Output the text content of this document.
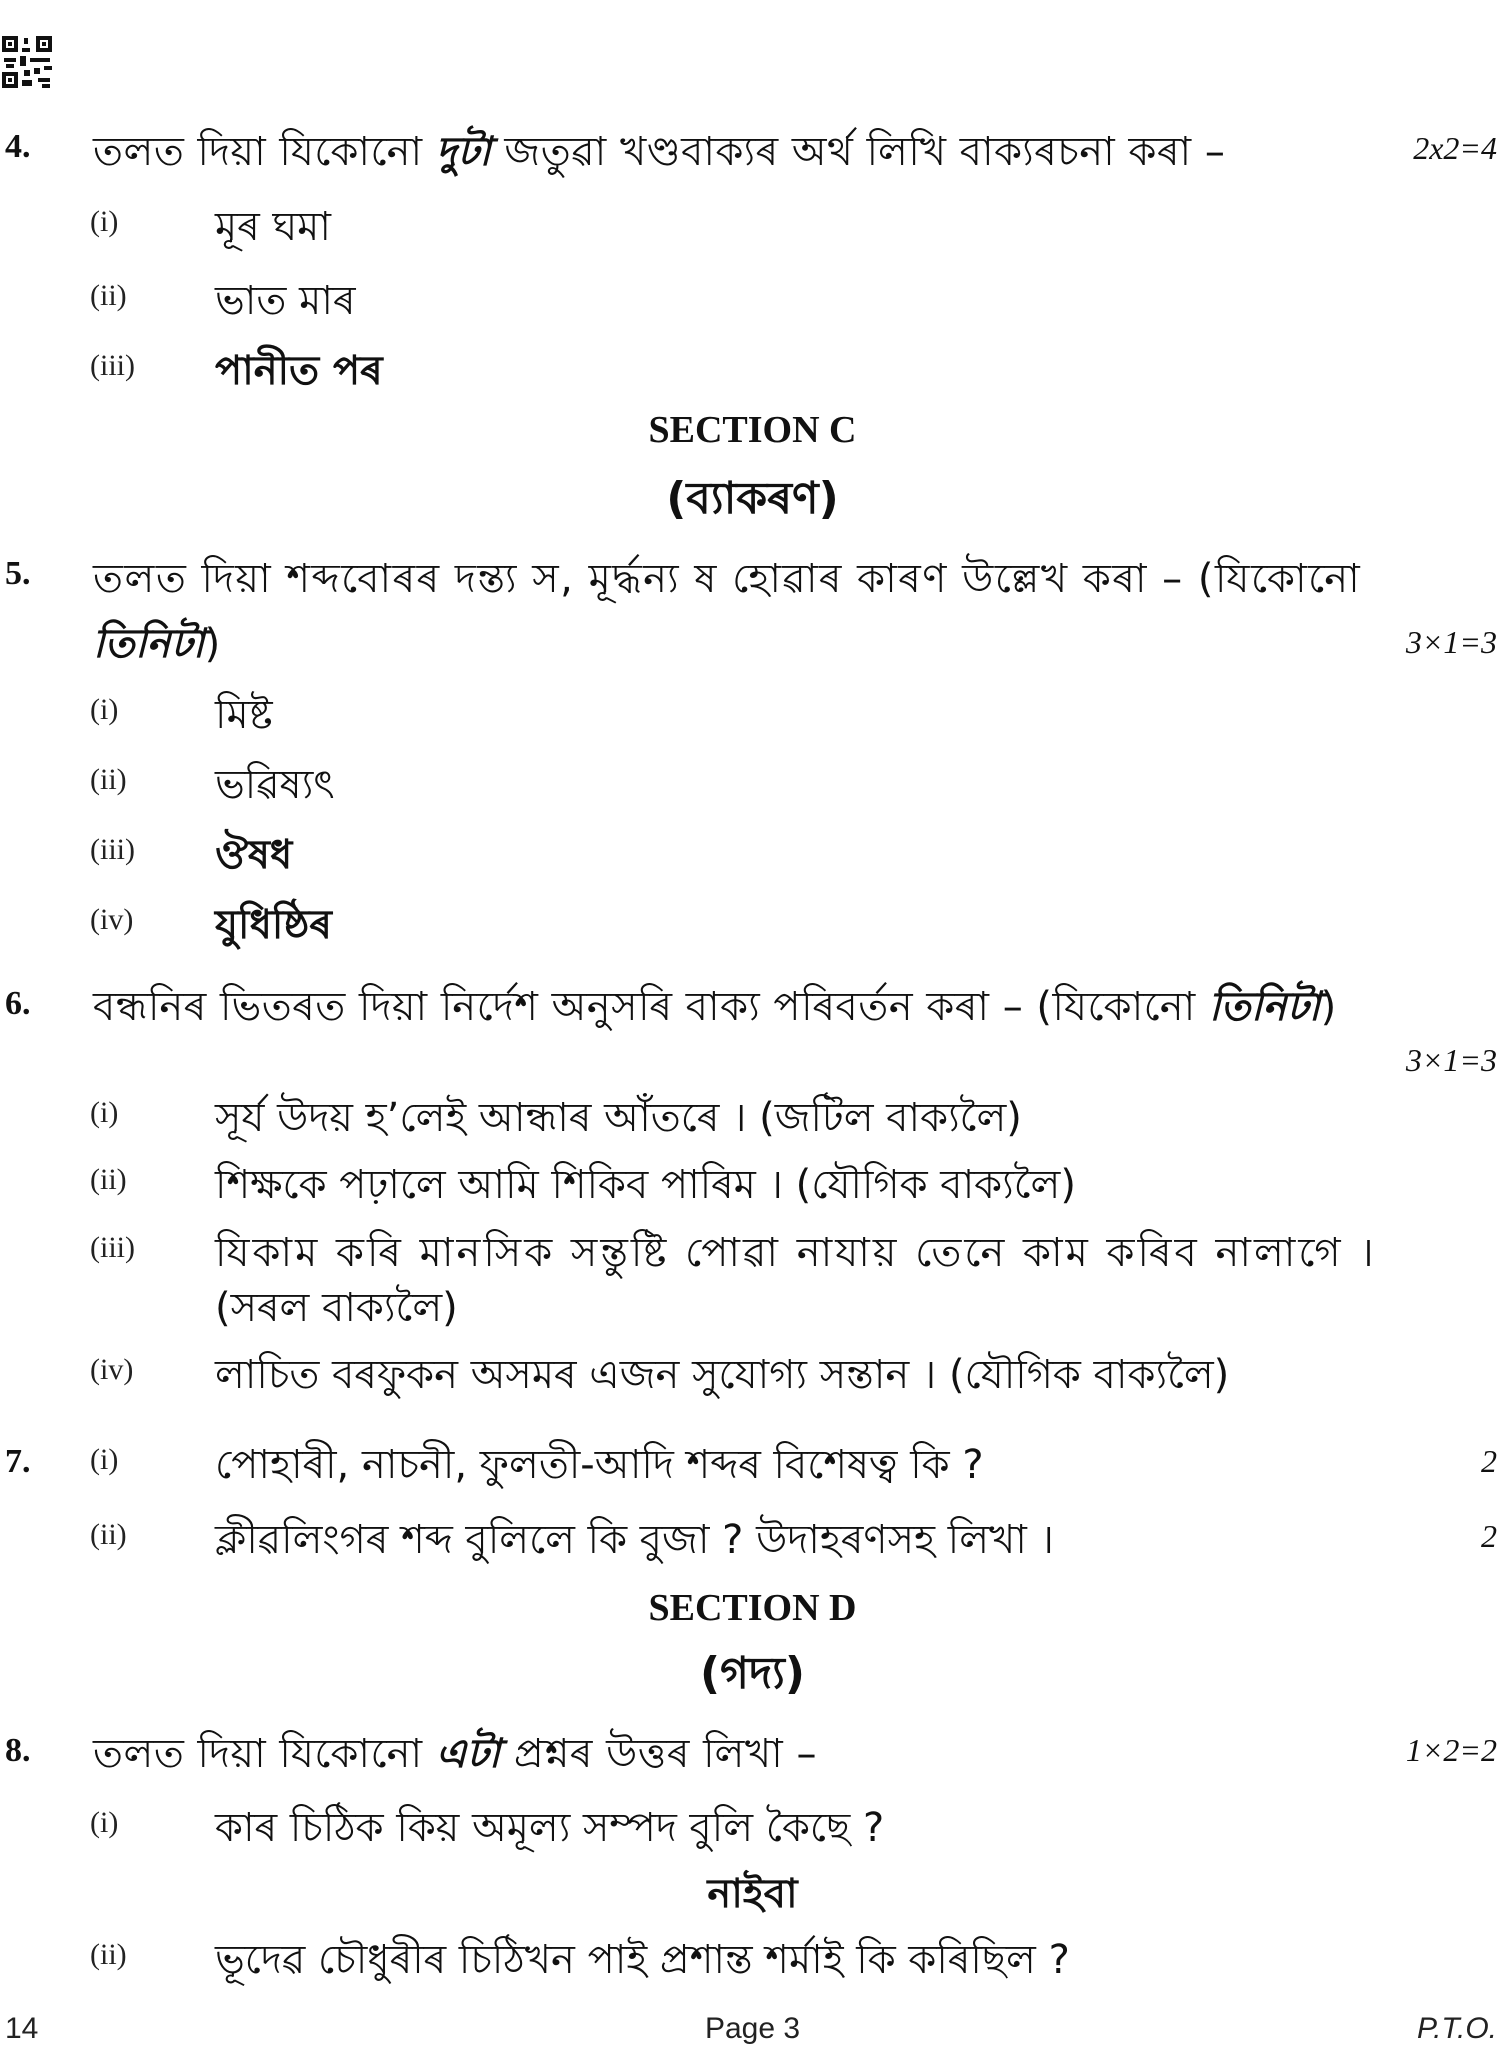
4. তলত দিয়া যিকোনো দুটা জতুৱা খণ্ডবাক্যৰ অৰ্থ লিখি বাক্যৰচনা কৰা –	2x2=4
(i) মূৰ ঘমা
(ii) ভাত মাৰ
(iii) পানীত পৰ
SECTION C
(ব্যাকৰণ)
5. তলত দিয়া শব্দবোৰৰ দন্ত্য স, মূৰ্দ্ধন্য ষ হোৱাৰ কাৰণ উল্লেখ কৰা – (যিকোনো
তিনিটা)	3×1=3
(i) মিষ্ট
(ii) ভৱিষ্যৎ
(iii) ঔষধ
(iv) যুধিষ্ঠিৰ
6. বন্ধনিৰ ভিতৰত দিয়া নিৰ্দেশ অনুসৰি বাক্য পৰিবৰ্তন কৰা – (যিকোনো তিনিটা)
3×1=3
(i) সূৰ্য উদয় হ’লেই আন্ধাৰ আঁতৰে । (জটিল বাক্যলৈ)
(ii) শিক্ষকে পঢ়ালে আমি শিকিব পাৰিম । (যৌগিক বাক্যলৈ)
(iii) যিকাম কৰি মানসিক সন্তুষ্টি পোৱা নাযায় তেনে কাম কৰিব নালাগে ।
(সৰল বাক্যলৈ)
(iv) লাচিত বৰফুকন অসমৰ এজন সুযোগ্য সন্তান । (যৌগিক বাক্যলৈ)
7. (i) পোহাৰী, নাচনী, ফুলতী-আদি শব্দৰ বিশেষত্ব কি ?	2
(ii) ক্লীৱলিংগৰ শব্দ বুলিলে কি বুজা ? উদাহৰণসহ লিখা ।	2
SECTION D
(গদ্য)
8. তলত দিয়া যিকোনো এটা প্ৰশ্নৰ উত্তৰ লিখা –	1×2=2
(i) কাৰ চিঠিক কিয় অমূল্য সম্পদ বুলি কৈছে ?
নাইবা
(ii) ভূদেৱ চৌধুৰীৰ চিঠিখন পাই প্ৰশান্ত শৰ্মাই কি কৰিছিল ?
14	Page 3	P.T.O.
